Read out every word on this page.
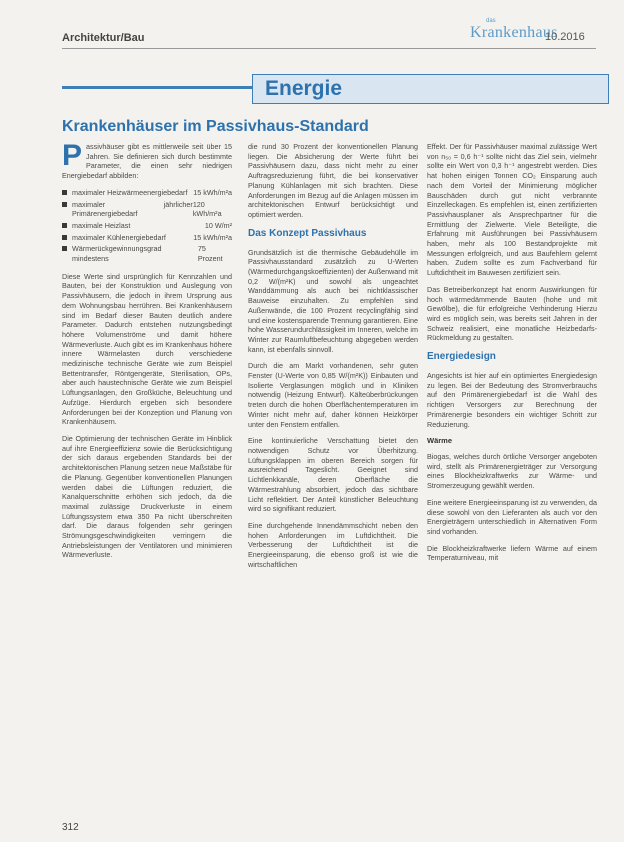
Architektur/Bau
das
Krankenhaus
10.2016
Energie
Krankenhäuser im Passivhaus-Standard

Passivhäuser gibt es mittlerweile seit über 15 Jahren. Sie definieren sich durch bestimmte Parameter, die einen sehr niedrigen Energiebedarf abbilden:

maximaler Heizwärmeenergiebedarf 15 kWh/m²a
maximaler jährlicher Primärenergiebedarf
120 kWh/m²a
maximale Heizlast	10 W/m²
maximaler Kühlenergiebedarf	15 kWh/m²a
Wärmerückgewinnungsgrad mindestens
75 Prozent

Diese Werte sind ursprünglich für Kennzahlen und Bauten, bei der Konstruktion und Auslegung von Passivhäusern, die jedoch in ihrem Ursprung aus dem Wohnungsbau herrühren. Bei Krankenhäusern sind im Bedarf dieser Bauten deutlich andere Parameter. Dadurch entstehen nutzungsbedingt höhere Volumenströme und damit höhere Wärmeverluste. Auch gibt es im Krankenhaus höhere innere Wärmelasten durch verschiedene medizinische technische Geräte wie zum Beispiel Bettentransfer, Röntgengeräte, Sterilisation, OPs, aber auch haustechnische Geräte wie zum Beispiel Lüftungsanlagen, den Großküche, Beleuchtung und Aufzüge. Hierdurch ergeben sich besondere Anforderungen bei der Konzeption und Planung von Krankenhäusern.

Die Optimierung der technischen Geräte im Hinblick auf ihre Energieeffizienz sowie die Berücksichtigung der sich daraus ergebenden Standards bei der architektonischen Planung setzen neue Maßstäbe für die Planung. Gegenüber konventionellen Planungen werden dabei die Lüftungen reduziert, die Kanalquerschnitte erhöhen sich jedoch, da die maximal zulässige Druckverluste in einem Lüftungssystem etwa 350 Pa nicht überschreiten darf. Die daraus folgenden sehr geringen Strömungsgeschwindigkeiten verringern die Antriebsleistungen der Ventilatoren und minimieren Wärmeverluste.

die rund 30 Prozent der konventionellen Planung liegen. Die Absicherung der Werte führt bei Passivhäusern dazu, dass nicht mehr zu einer Auftragsreduzierung führt, die bei konservativer Planung Kühlanlagen mit sich brachten. Diese Anforderungen im Bezug auf die Anlagen müssen im architektonischen Entwurf berücksichtigt und optimiert werden.

Das Konzept Passivhaus

Grundsätzlich ist die thermische Gebäudehülle im Passivhausstandard zusätzlich zu U-Werten (Wärmedurchgangskoeffizienten) der Außenwand mit 0,2 W/(m²K) und sowohl als ungeachtet Wanddämmung als auch bei nichtklassischer Bauweise einzuhalten. Zu empfehlen sind Außenwände, die 100 Prozent recyclingfähig sind und eine kostensparende Trennung garantieren. Eine hohe Wasserundurchlässigkeit im Inneren, welche im Winter zur Raumluftbefeuchtung abgegeben werden kann, ist ebenfalls sinnvoll.

Durch die am Markt vorhandenen, sehr guten Fenster (U-Werte von 0,85 W/(m²K)) Einbauten und Isolierte Verglasungen möglich und in Kliniken notwendig (Heizung Entwurf). Kälteüberbrückungen treten durch die hohen Oberflächentemperaturen im Winter nicht mehr auf, daher können Heizkörper unter den Fenstern entfallen.

Eine kontinuierliche Verschattung bietet den notwendigen Schutz vor Überhitzung. Lüftungsklappen im oberen Bereich sorgen für ausreichend Tageslicht. Geeignet sind Lichtlenkkanäle, deren Oberfläche die Wärmestrahlung absorbiert, jedoch das sichtbare Licht reflektiert. Der Anteil künstlicher Beleuchtung wird so signifikant reduziert.

Eine durchgehende Innendämmschicht neben den hohen Anforderungen im Luftdichtheit. Die Verbesserung der Luftdichtheit ist die Energieeinsparung, die ebenso groß ist wie die wirtschaftlichen

Effekt. Der für Passivhäuser maximal zulässige Wert von n₅₀ = 0,6 h⁻¹ sollte nicht das Ziel sein, vielmehr sollte ein Wert von 0,3 h⁻¹ angestrebt werden. Dies hat hohen einigen Tonnen CO₂ Einsparung auch nach dem Vorteil der Minimierung möglicher Bauschäden durch gut nicht verbrannte Einzelleckagen. Es empfehlen ist, einen zertifizierten Passivhausplaner als Ansprechpartner für die Ermittlung der Zielwerte. Viele Beteiligte, die Erfahrung mit Ausführungen bei Passivhäusern haben, mehr als 100 Bestandprojekte mit Messungen erfolgreich, und aus Baufehlern gelernt haben. Zudem sollte es zum Fachverband für Luftdichtheit im Bauwesen zertifiziert sein.

Das Betreiberkonzept hat enorm Auswirkungen für hoch wärmedämmende Bauten (hohe und mit Gewölbe), die für erfolgreiche Verhinderung Hierzu wird es möglich sein, was bereits seit Jahren in der Schweiz realisiert, eine monatliche Heizbedarfs-Rückmeldung zu gestalten.

Energiedesign

Angesichts ist hier auf ein optimiertes Energiedesign zu legen. Bei der Bedeutung des Stromverbrauchs auf den Primärenergiebedarf ist die Wahl des richtigen Versorgers zur Berechnung der Primärenergie besonders ein wichtiger Schritt zur Reduzierung.

Wärme

Biogas, welches durch örtliche Versorger angeboten wird, stellt als Primärenergieträger zur Versorgung eines Blockheizkraftwerks zur Wärme- und Stromerzeugung gewählt werden.

Eine weitere Energieeinsparung ist zu verwenden, da diese sowohl von den Lieferanten als auch vor den Energieträgern unterschiedlich in Alternativen Form sind vorhanden.

Die Blockheizkraftwerke liefern Wärme auf einem Temperaturniveau, mit

312
